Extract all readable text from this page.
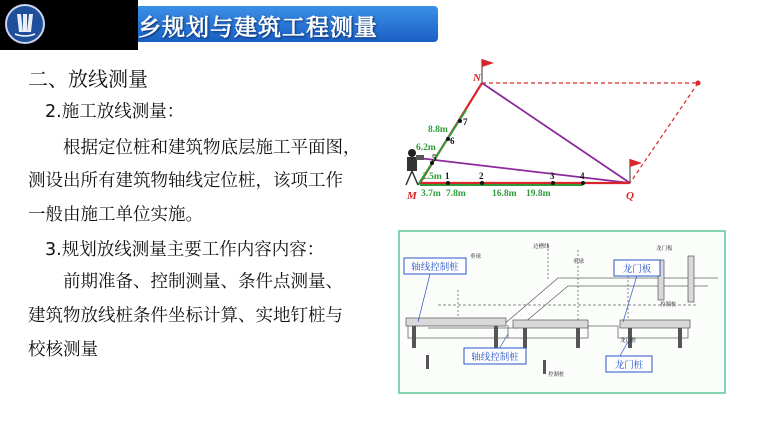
乡规划与建筑工程测量
二、放线测量
2.施工放线测量：
根据定位桩和建筑物底层施工平面图，
测设出所有建筑物轴线定位桩，该项工作
一般由施工单位实施。
3.规划放线测量主要工作内容内容：
前期准备、控制测量、条件点测量、
建筑物放线桩条件坐标计算、实地钉桩与
校核测量
N
M	Q
1	2	3	4
5
6
7
3.7m 7.8m	16.8m 19.8m
2.5m
6.2m
8.8m
边槽线
垂球
垂球
龙门板
控制桩
龙门桩
控制桩
轴线控制桩
轴线控制桩
龙门板
龙门桩
